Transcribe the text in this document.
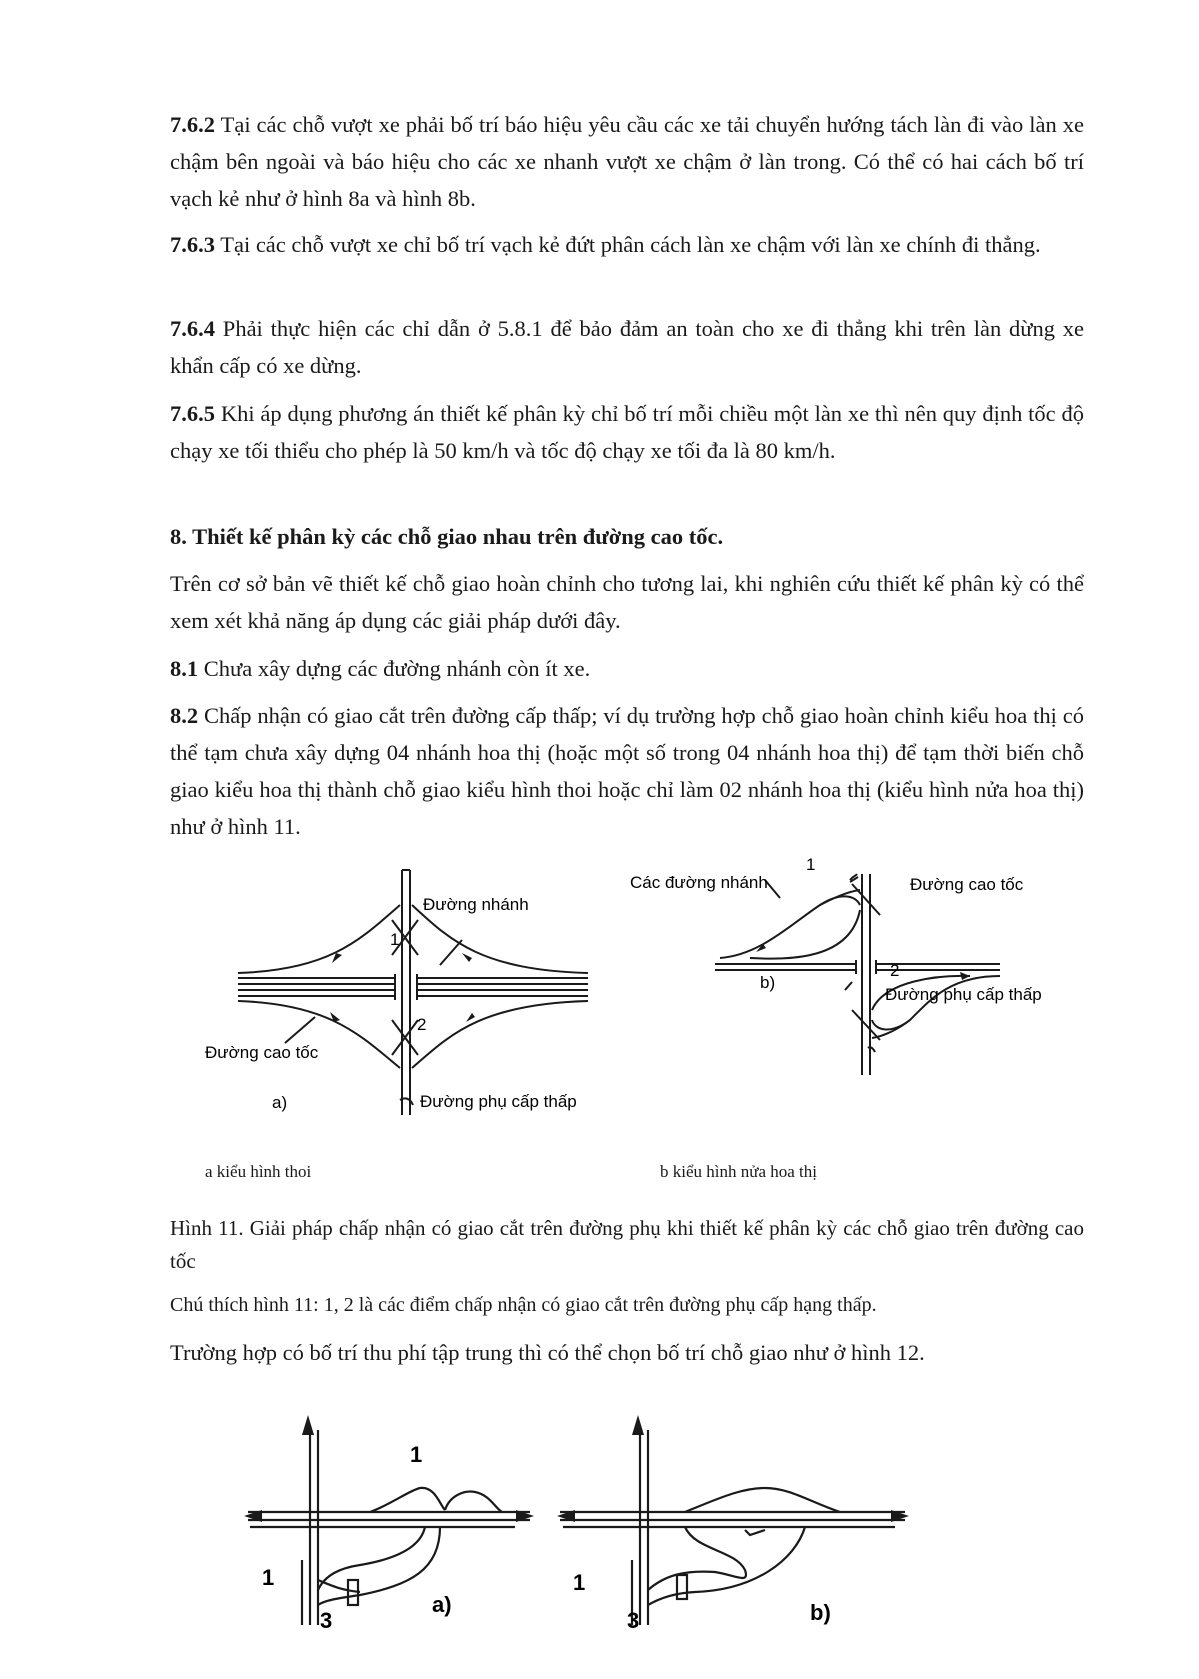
7.6.2 Tại các chỗ vượt xe phải bố trí báo hiệu yêu cầu các xe tải chuyển hướng tách làn đi vào làn xe chậm bên ngoài và báo hiệu cho các xe nhanh vượt xe chậm ở làn trong. Có thể có hai cách bố trí vạch kẻ như ở hình 8a và hình 8b.

7.6.3 Tại các chỗ vượt xe chỉ bố trí vạch kẻ đứt phân cách làn xe chậm với làn xe chính đi thẳng.

7.6.4 Phải thực hiện các chỉ dẫn ở 5.8.1 để bảo đảm an toàn cho xe đi thẳng khi trên làn dừng xe khẩn cấp có xe dừng.

7.6.5 Khi áp dụng phương án thiết kế phân kỳ chỉ bố trí mỗi chiều một làn xe thì nên quy định tốc độ chạy xe tối thiểu cho phép là 50 km/h và tốc độ chạy xe tối đa là 80 km/h.

8. Thiết kế phân kỳ các chỗ giao nhau trên đường cao tốc.

Trên cơ sở bản vẽ thiết kế chỗ giao hoàn chỉnh cho tương lai, khi nghiên cứu thiết kế phân kỳ có thể xem xét khả năng áp dụng các giải pháp dưới đây.

8.1 Chưa xây dựng các đường nhánh còn ít xe.

8.2 Chấp nhận có giao cắt trên đường cấp thấp; ví dụ trường hợp chỗ giao hoàn chỉnh kiểu hoa thị có thể tạm chưa xây dựng 04 nhánh hoa thị (hoặc một số trong 04 nhánh hoa thị) để tạm thời biến chỗ giao kiểu hoa thị thành chỗ giao kiểu hình thoi hoặc chỉ làm 02 nhánh hoa thị (kiểu hình nửa hoa thị) như ở hình 11.

Đường nhánh
Đường cao tốc
1
2
a)	Đường phụ cấp thấp
Các đường nhánh
1
Đường cao tốc
2
b)
Đường phụ cấp thấp
a kiểu hình thoi	b kiểu hình nửa hoa thị

Hình 11. Giải pháp chấp nhận có giao cắt trên đường phụ khi thiết kế phân kỳ các chỗ giao trên đường cao tốc

Chú thích hình 11: 1, 2 là các điểm chấp nhận có giao cắt trên đường phụ cấp hạng thấp.

Trường hợp có bố trí thu phí tập trung thì có thể chọn bố trí chỗ giao như ở hình 12.

1
1
3
a)
1
3	b)
